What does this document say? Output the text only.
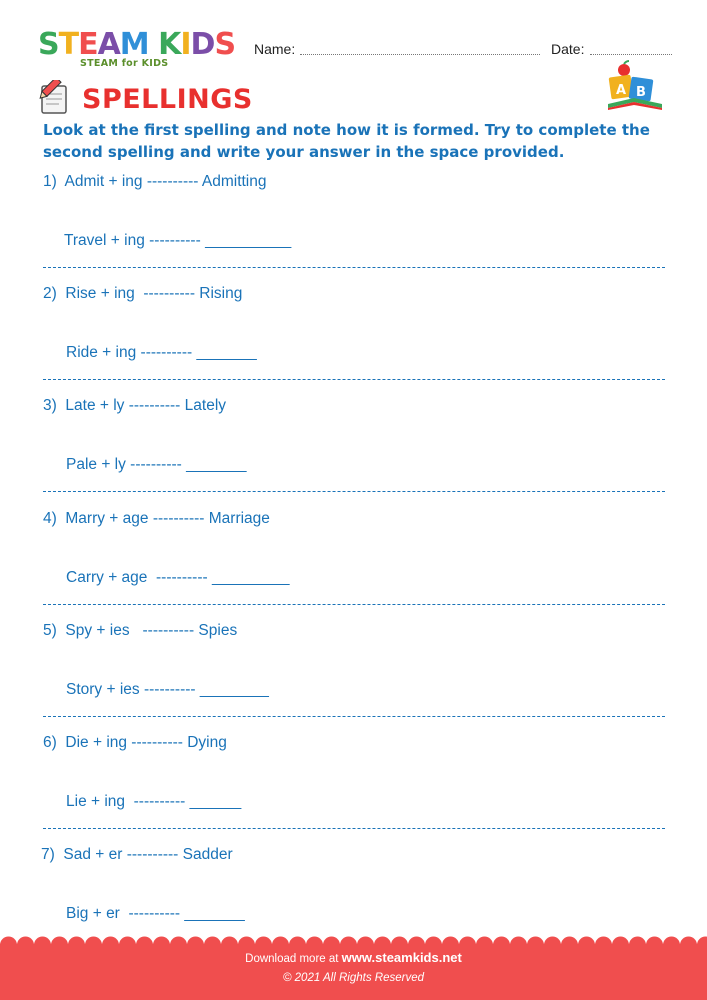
STEAM KIDS
STEAM for KIDS
Name:	Date:
SPELLINGS	A B
Look at the first spelling and note how it is formed. Try to complete the second spelling and write your answer in the space provided.
1)  Admit + ing ---------- Admitting
Travel + ing ---------- __________
2)  Rise + ing  ---------- Rising
Ride + ing ---------- _______
3)  Late + ly ---------- Lately
Pale + ly ---------- _______
4)  Marry + age ---------- Marriage
Carry + age  ---------- _________
5)  Spy + ies   ---------- Spies
Story + ies ---------- ________
6)  Die + ing ---------- Dying
Lie + ing  ---------- ______
7)  Sad + er ---------- Sadder
Big + er  ---------- _______
Download more at www.steamkids.net
© 2021 All Rights Reserved
